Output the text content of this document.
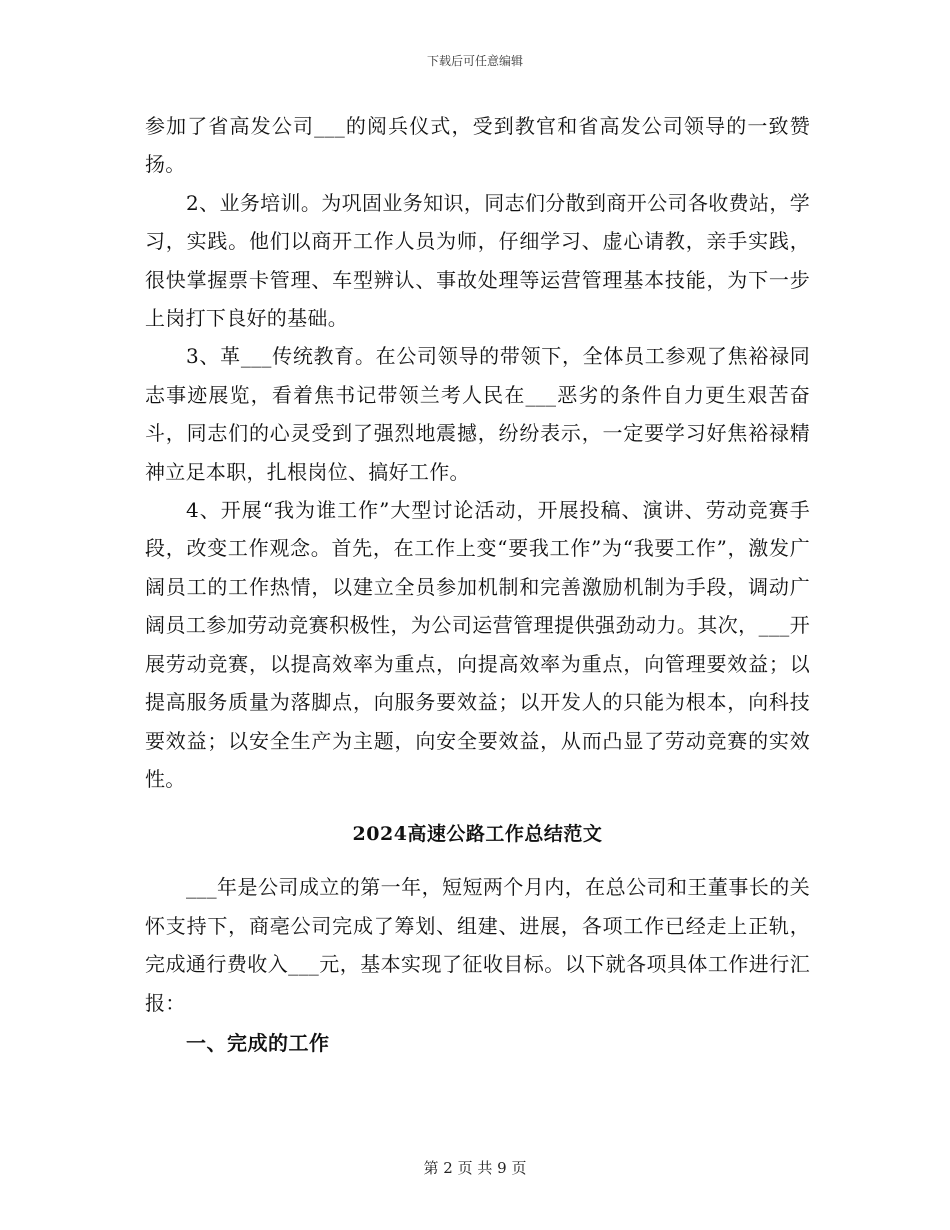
下载后可任意编辑

参加了省高发公司___的阅兵仪式，受到教官和省高发公司领导的一致赞扬。

2、业务培训。为巩固业务知识，同志们分散到商开公司各收费站，学习，实践。他们以商开工作人员为师，仔细学习、虚心请教，亲手实践，很快掌握票卡管理、车型辨认、事故处理等运营管理基本技能，为下一步上岗打下良好的基础。

3、革___传统教育。在公司领导的带领下，全体员工参观了焦裕禄同志事迹展览，看着焦书记带领兰考人民在___恶劣的条件自力更生艰苦奋斗，同志们的心灵受到了强烈地震撼，纷纷表示，一定要学习好焦裕禄精神立足本职，扎根岗位、搞好工作。

4、开展“我为谁工作”大型讨论活动，开展投稿、演讲、劳动竞赛手段，改变工作观念。首先，在工作上变“要我工作”为“我要工作”，激发广阔员工的工作热情，以建立全员参加机制和完善激励机制为手段，调动广阔员工参加劳动竞赛积极性，为公司运营管理提供强劲动力。其次，___开展劳动竞赛，以提高效率为重点，向提高效率为重点，向管理要效益；以提高服务质量为落脚点，向服务要效益；以开发人的只能为根本，向科技要效益；以安全生产为主题，向安全要效益，从而凸显了劳动竞赛的实效性。

2024高速公路工作总结范文

___年是公司成立的第一年，短短两个月内，在总公司和王董事长的关怀支持下，商亳公司完成了筹划、组建、进展，各项工作已经走上正轨，完成通行费收入___元，基本实现了征收目标。以下就各项具体工作进行汇报：

一、完成的工作
第 2 页 共 9 页
